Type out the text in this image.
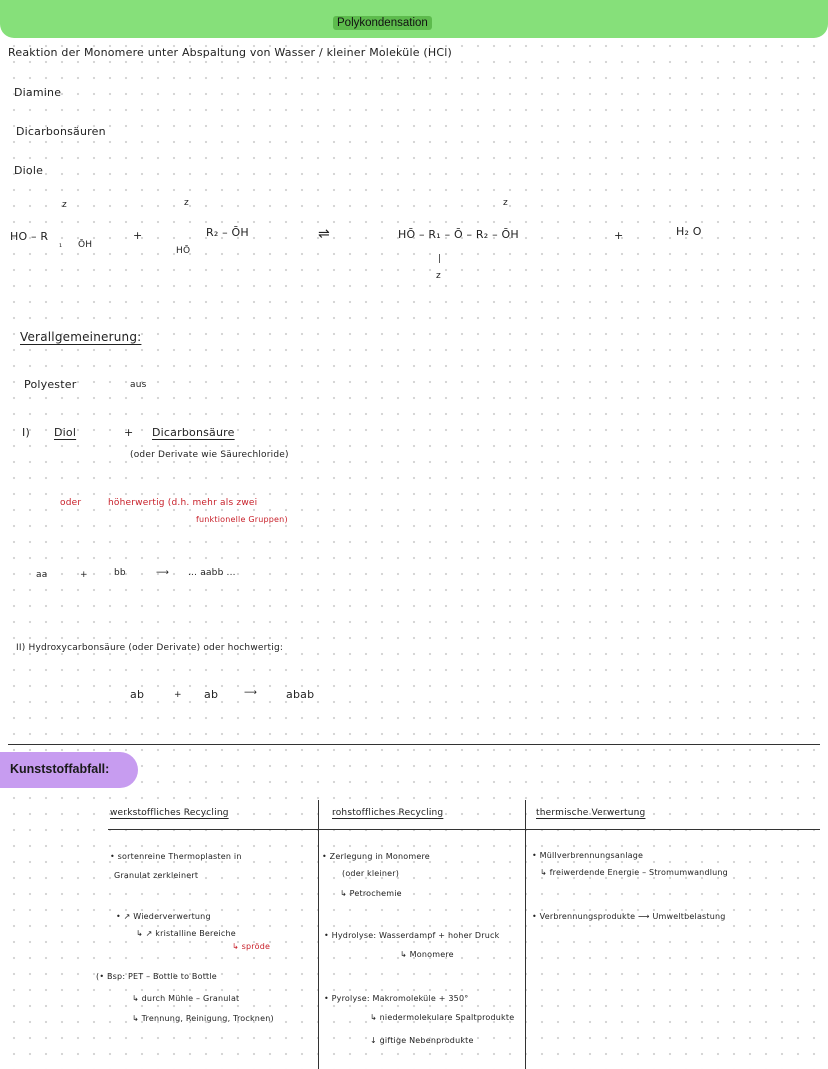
Polykondensation
Reaktion der Monomere unter Abspaltung von Wasser / kleiner Moleküle (HCl)
Diamine
Dicarbonsäuren
Diole
z
HO – R
₁ ŌH
+
z
R₂ – ŌH
HŌ
⇌
z
HŌ – R₁ – Ō – R₂ – ŌH
|
z
+	H₂ O
Verallgemeinerung:
Polyester	aus
I) Diol	+ Dicarbonsäure
(oder Derivate wie Säurechloride)
oder	höherwertig (d.h. mehr als zwei
funktionelle Gruppen)
aa	+	bb	⟶ ... aabb ...
II) Hydroxycarbonsäure (oder Derivate) oder hochwertig:
ab	+ ab	⟶	abab
Kunststoffabfall:
werkstoffliches Recycling
• sortenreine Thermoplasten in
Granulat zerkleinert
• ↗ Wiederverwertung
↳ ↗ kristalline Bereiche
↳ spröde
(• Bsp: PET – Bottle to Bottle
↳ durch Mühle – Granulat
↳ Trennung, Reinigung, Trocknen)
rohstoffliches Recycling
• Zerlegung in Monomere
(oder kleiner)
↳ Petrochemie
• Hydrolyse: Wasserdampf + hoher Druck
↳ Monomere
• Pyrolyse: Makromoleküle + 350°
↳ niedermolekulare Spaltprodukte
↓ giftige Nebenprodukte
thermische Verwertung
• Müllverbrennungsanlage
↳ freiwerdende Energie – Stromumwandlung
• Verbrennungsprodukte ⟶ Umweltbelastung
